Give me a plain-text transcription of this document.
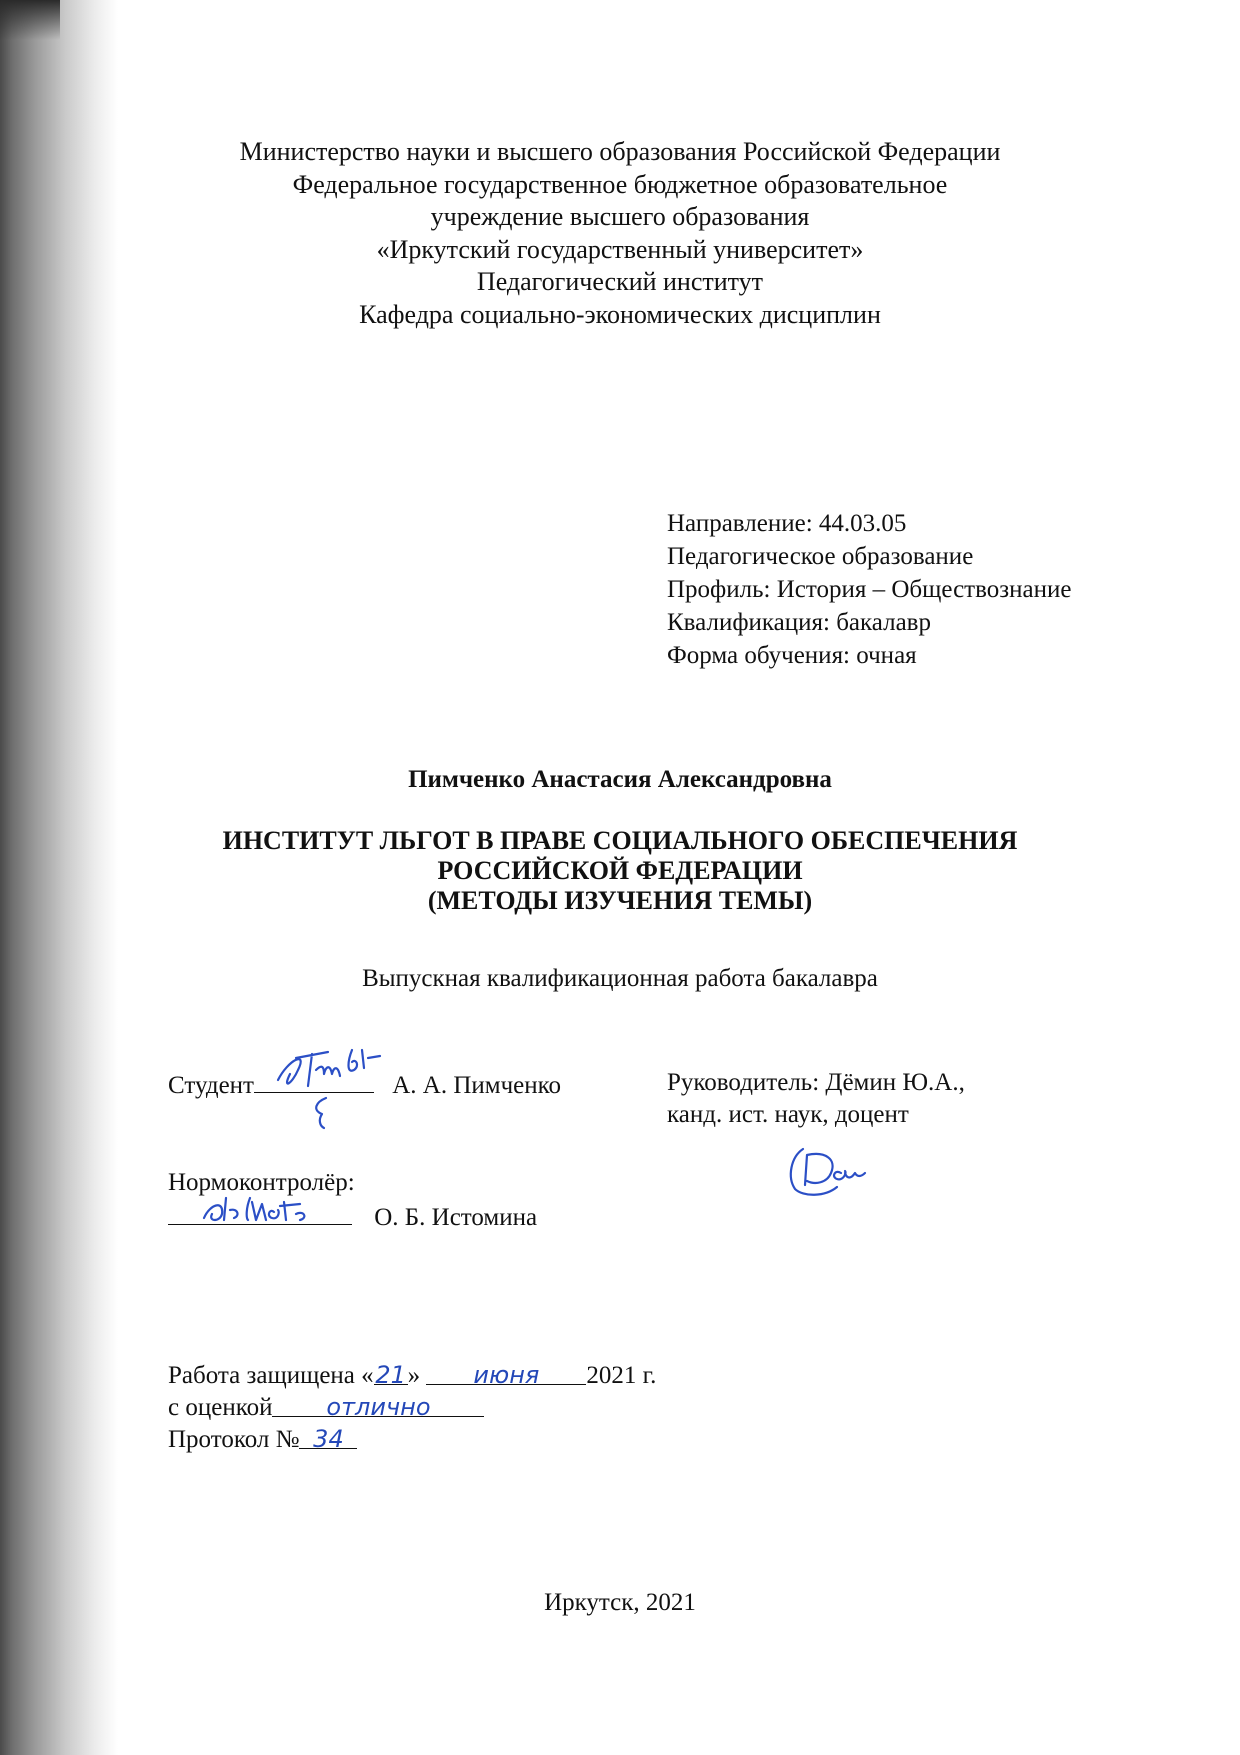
Министерство науки и высшего образования Российской Федерации
Федеральное государственное бюджетное образовательное
учреждение высшего образования
«Иркутский государственный университет»
Педагогический институт
Кафедра социально-экономических дисциплин
Направление: 44.03.05
Педагогическое образование
Профиль: История – Обществознание
Квалификация: бакалавр
Форма обучения: очная
Пимченко Анастасия Александровна
ИНСТИТУТ ЛЬГОТ В ПРАВЕ СОЦИАЛЬНОГО ОБЕСПЕЧЕНИЯ
РОССИЙСКОЙ ФЕДЕРАЦИИ
(МЕТОДЫ ИЗУЧЕНИЯ ТЕМЫ)
Выпускная квалификационная работа бакалавра
Студент	А. А. Пимченко	Руководитель: Дёмин Ю.А.,
канд. ист. наук, доцент
Нормоконтролёр:
О. Б. Истомина
Работа защищена «21» июня 2021 г.
с оценкой отлично
Протокол № 34
Иркутск, 2021
